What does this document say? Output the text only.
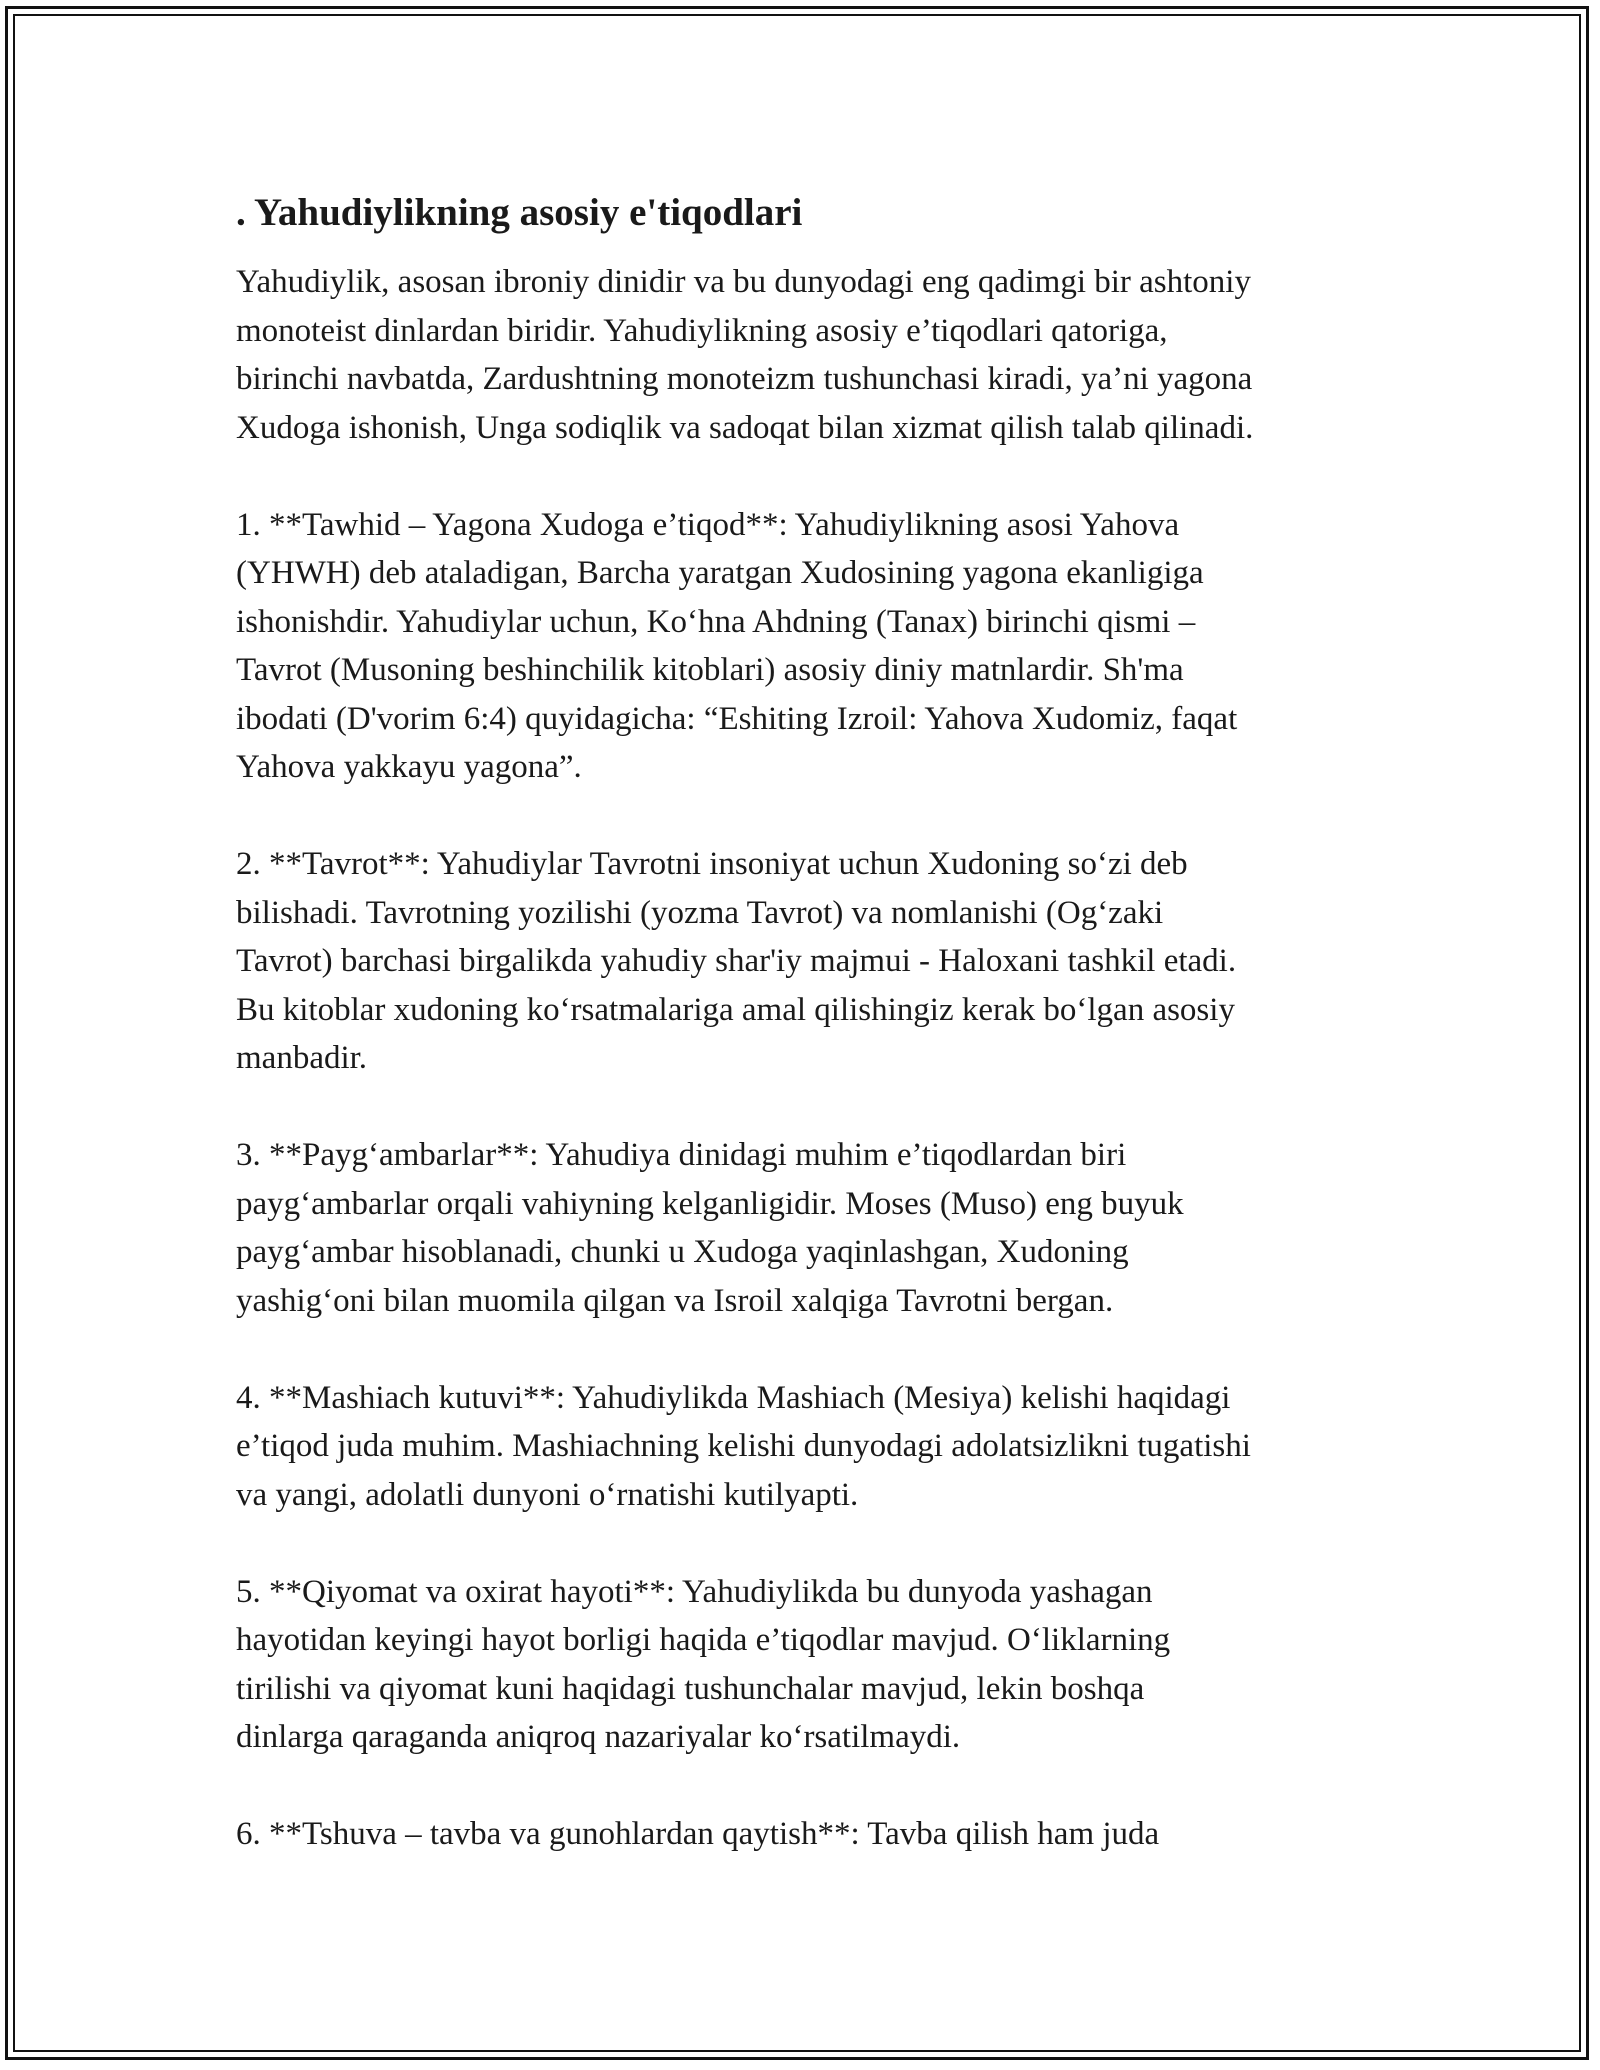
. Yahudiylikning asosiy e'tiqodlari

Yahudiylik, asosan ibroniy dinidir va bu dunyodagi eng qadimgi bir ashtoniy
monoteist dinlardan biridir. Yahudiylikning asosiy e’tiqodlari qatoriga,
birinchi navbatda, Zardushtning monoteizm tushunchasi kiradi, ya’ni yagona
Xudoga ishonish, Unga sodiqlik va sadoqat bilan xizmat qilish talab qilinadi.

1. **Tawhid – Yagona Xudoga e’tiqod**: Yahudiylikning asosi Yahova
(YHWH) deb ataladigan, Barcha yaratgan Xudosining yagona ekanligiga
ishonishdir. Yahudiylar uchun, Ko‘hna Ahdning (Tanax) birinchi qismi –
Tavrot (Musoning beshinchilik kitoblari) asosiy diniy matnlardir. Sh'ma
ibodati (D'vorim 6:4) quyidagicha: “Eshiting Izroil: Yahova Xudomiz, faqat
Yahova yakkayu yagona”.

2. **Tavrot**: Yahudiylar Tavrotni insoniyat uchun Xudoning so‘zi deb
bilishadi. Tavrotning yozilishi (yozma Tavrot) va nomlanishi (Og‘zaki
Tavrot) barchasi birgalikda yahudiy shar'iy majmui - Haloxani tashkil etadi.
Bu kitoblar xudoning ko‘rsatmalariga amal qilishingiz kerak bo‘lgan asosiy
manbadir.

3. **Payg‘ambarlar**: Yahudiya dinidagi muhim e’tiqodlardan biri
payg‘ambarlar orqali vahiyning kelganligidir. Moses (Muso) eng buyuk
payg‘ambar hisoblanadi, chunki u Xudoga yaqinlashgan, Xudoning
yashig‘oni bilan muomila qilgan va Isroil xalqiga Tavrotni bergan.

4. **Mashiach kutuvi**: Yahudiylikda Mashiach (Mesiya) kelishi haqidagi
e’tiqod juda muhim. Mashiachning kelishi dunyodagi adolatsizlikni tugatishi
va yangi, adolatli dunyoni o‘rnatishi kutilyapti.

5. **Qiyomat va oxirat hayoti**: Yahudiylikda bu dunyoda yashagan
hayotidan keyingi hayot borligi haqida e’tiqodlar mavjud. O‘liklarning
tirilishi va qiyomat kuni haqidagi tushunchalar mavjud, lekin boshqa
dinlarga qaraganda aniqroq nazariyalar ko‘rsatilmaydi.

6. **Tshuva – tavba va gunohlardan qaytish**: Tavba qilish ham juda
